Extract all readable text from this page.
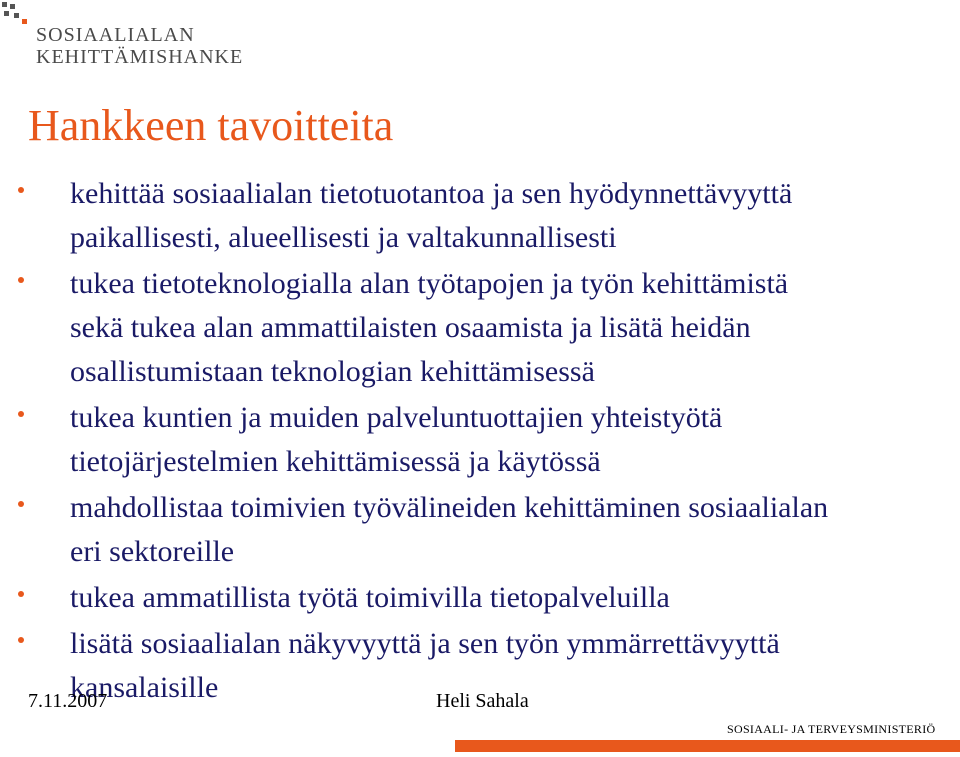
SOSIAALIALAN
KEHITTÄMISHANKE
Hankkeen tavoitteita
kehittää sosiaalialan tietotuotantoa ja sen hyödynnettävyyttä
paikallisesti, alueellisesti ja valtakunnallisesti
tukea tietoteknologialla alan työtapojen ja työn kehittämistä
sekä tukea alan ammattilaisten osaamista ja lisätä heidän
osallistumistaan teknologian kehittämisessä
tukea kuntien ja muiden palveluntuottajien yhteistyötä
tietojärjestelmien kehittämisessä ja käytössä
mahdollistaa toimivien työvälineiden kehittäminen sosiaalialan
eri sektoreille
tukea ammatillista työtä toimivilla tietopalveluilla
lisätä sosiaalialan näkyvyyttä ja sen työn ymmärrettävyyttä
kansalaisille
7.11.2007	Heli Sahala
SOSIAALI- JA TERVEYSMINISTERIÖ
